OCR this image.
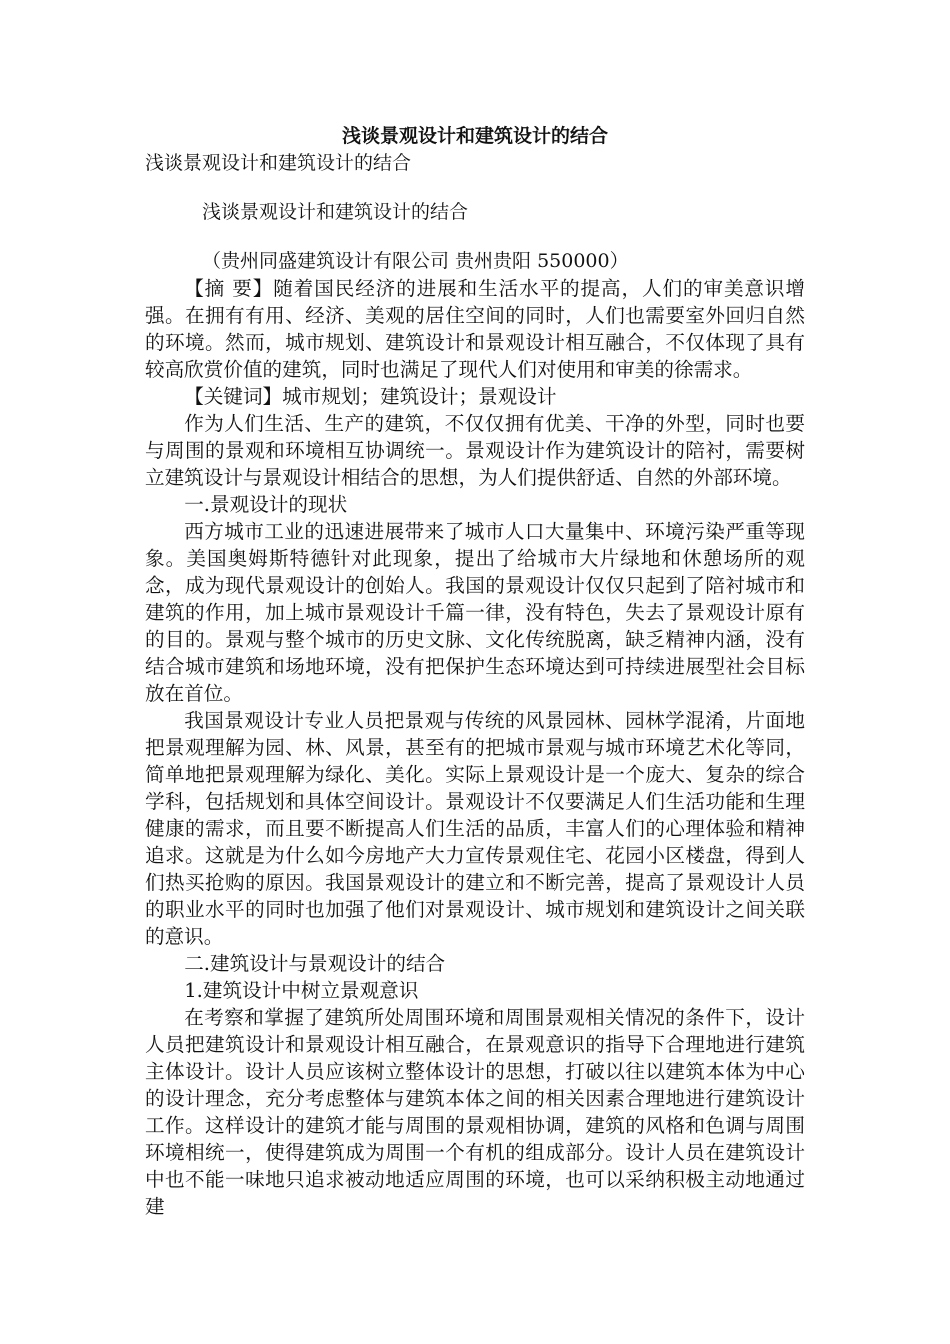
浅谈景观设计和建筑设计的结合

浅谈景观设计和建筑设计的结合

浅谈景观设计和建筑设计的结合

（贵州同盛建筑设计有限公司 贵州贵阳 550000）

【摘 要】随着国民经济的进展和生活水平的提高，人们的审美意识增强。在拥有有用、经济、美观的居住空间的同时，人们也需要室外回归自然的环境。然而，城市规划、建筑设计和景观设计相互融合，不仅体现了具有较高欣赏价值的建筑，同时也满足了现代人们对使用和审美的徐需求。

【关键词】城市规划；建筑设计；景观设计

作为人们生活、生产的建筑，不仅仅拥有优美、干净的外型，同时也要与周围的景观和环境相互协调统一。景观设计作为建筑设计的陪衬，需要树立建筑设计与景观设计相结合的思想，为人们提供舒适、自然的外部环境。

一.景观设计的现状

西方城市工业的迅速进展带来了城市人口大量集中、环境污染严重等现象。美国奥姆斯特德针对此现象，提出了给城市大片绿地和休憩场所的观念，成为现代景观设计的创始人。我国的景观设计仅仅只起到了陪衬城市和建筑的作用，加上城市景观设计千篇一律，没有特色，失去了景观设计原有的目的。景观与整个城市的历史文脉、文化传统脱离，缺乏精神内涵，没有结合城市建筑和场地环境，没有把保护生态环境达到可持续进展型社会目标放在首位。

我国景观设计专业人员把景观与传统的风景园林、园林学混淆，片面地把景观理解为园、林、风景，甚至有的把城市景观与城市环境艺术化等同，简单地把景观理解为绿化、美化。实际上景观设计是一个庞大、复杂的综合学科，包括规划和具体空间设计。景观设计不仅要满足人们生活功能和生理健康的需求，而且要不断提高人们生活的品质，丰富人们的心理体验和精神追求。这就是为什么如今房地产大力宣传景观住宅、花园小区楼盘，得到人们热买抢购的原因。我国景观设计的建立和不断完善，提高了景观设计人员的职业水平的同时也加强了他们对景观设计、城市规划和建筑设计之间关联的意识。

二.建筑设计与景观设计的结合

1.建筑设计中树立景观意识

在考察和掌握了建筑所处周围环境和周围景观相关情况的条件下，设计人员把建筑设计和景观设计相互融合，在景观意识的指导下合理地进行建筑主体设计。设计人员应该树立整体设计的思想，打破以往以建筑本体为中心的设计理念，充分考虑整体与建筑本体之间的相关因素合理地进行建筑设计工作。这样设计的建筑才能与周围的景观相协调，建筑的风格和色调与周围环境相统一，使得建筑成为周围一个有机的组成部分。设计人员在建筑设计中也不能一味地只追求被动地适应周围的环境，也可以采纳积极主动地通过建
